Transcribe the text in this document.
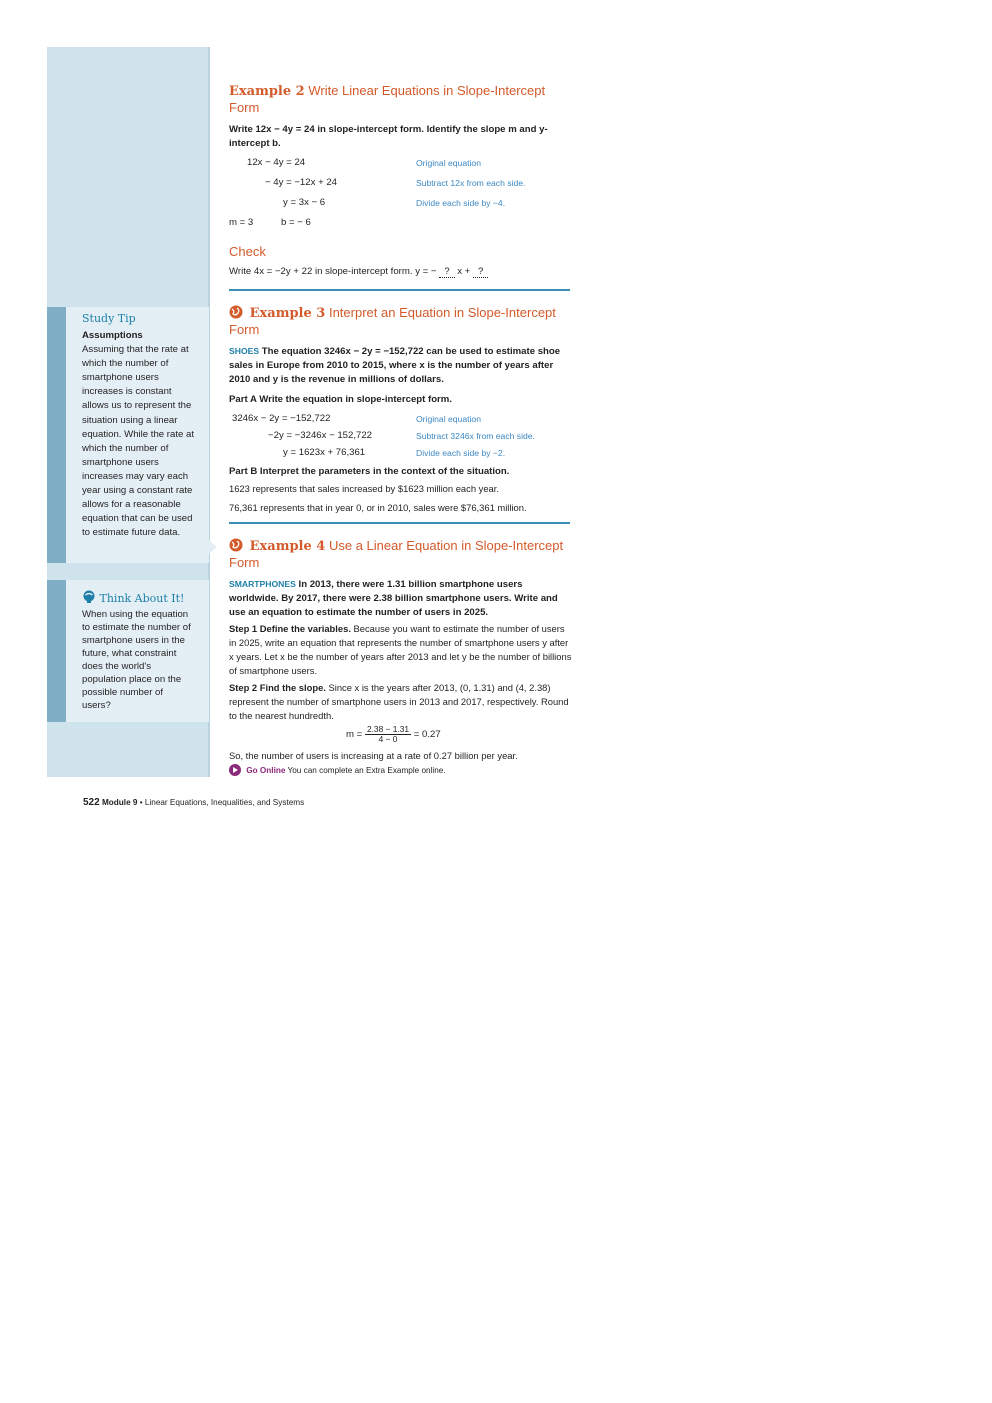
Study Tip
Assumptions
Assuming that the rate at which the number of smartphone users increases is constant allows us to represent the situation using a linear equation. While the rate at which the number of smartphone users increases may vary each year using a constant rate allows for a reasonable equation that can be used to estimate future data.
Think About It!
When using the equation to estimate the number of smartphone users in the future, what constraint does the world's population place on the possible number of users?
Example 2 Write Linear Equations in Slope-Intercept Form
Write 12x − 4y = 24 in slope-intercept form. Identify the slope m and y-intercept b.
12x − 4y = 24	Original equation
− 4y = −12x + 24	Subtract 12x from each side.
y = 3x − 6	Divide each side by −4.
m = 3	b = − 6
Check
Write 4x = −2y + 22 in slope-intercept form. y = − ? x + ?
Example 3 Interpret an Equation in Slope-Intercept Form
SHOES The equation 3246x − 2y = −152,722 can be used to estimate shoe sales in Europe from 2010 to 2015, where x is the number of years after 2010 and y is the revenue in millions of dollars.
Part A Write the equation in slope-intercept form.
3246x − 2y = −152,722	Original equation
−2y = −3246x − 152,722	Subtract 3246x from each side.
y = 1623x + 76,361	Divide each side by −2.
Part B Interpret the parameters in the context of the situation.
1623 represents that sales increased by $1623 million each year.
76,361 represents that in year 0, or in 2010, sales were $76,361 million.
Example 4 Use a Linear Equation in Slope-Intercept Form
SMARTPHONES In 2013, there were 1.31 billion smartphone users worldwide. By 2017, there were 2.38 billion smartphone users. Write and use an equation to estimate the number of users in 2025.
Step 1 Define the variables. Because you want to estimate the number of users in 2025, write an equation that represents the number of smartphone users y after x years. Let x be the number of years after 2013 and let y be the number of billions of smartphone users.
Step 2 Find the slope. Since x is the years after 2013, (0, 1.31) and (4, 2.38) represent the number of smartphone users in 2013 and 2017, respectively. Round to the nearest hundredth.
$m = \frac{2.38 - 1.31}{4 - 0} = 0.27$
So, the number of users is increasing at a rate of 0.27 billion per year.
Go Online You can complete an Extra Example online.
522 Module 9 • Linear Equations, Inequalities, and Systems
